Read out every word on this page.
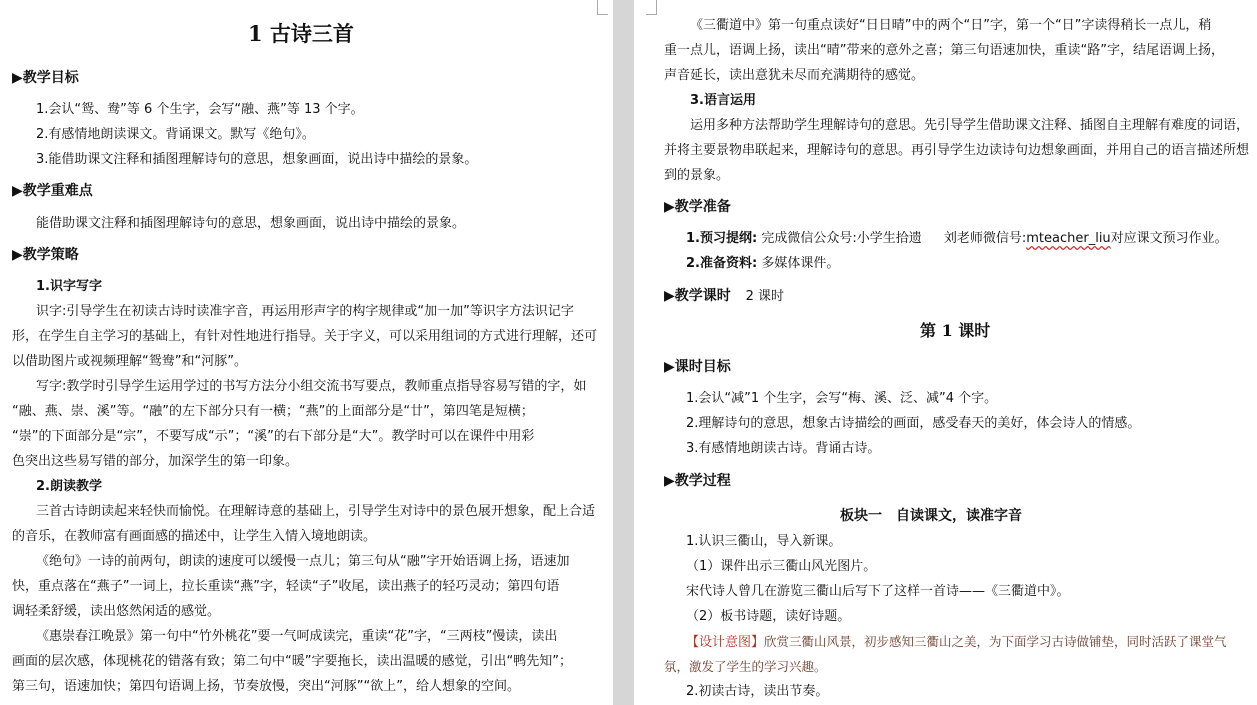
1 古诗三首
▶教学目标
1.会认“鸳、鸯”等 6 个生字，会写“融、燕”等 13 个字。
2.有感情地朗读课文。背诵课文。默写《绝句》。
3.能借助课文注释和插图理解诗句的意思，想象画面，说出诗中描绘的景象。
▶教学重难点
能借助课文注释和插图理解诗句的意思，想象画面，说出诗中描绘的景象。
▶教学策略
1.识字写字
识字:引导学生在初读古诗时读准字音，再运用形声字的构字规律或“加一加”等识字方法识记字
形，在学生自主学习的基础上，有针对性地进行指导。关于字义，可以采用组词的方式进行理解，还可
以借助图片或视频理解“鸳鸯”和“河豚”。
写字:教学时引导学生运用学过的书写方法分小组交流书写要点，教师重点指导容易写错的字，如
“融、燕、崇、溪”等。“融”的左下部分只有一横；“燕”的上面部分是“廿”，第四笔是短横；
“崇”的下面部分是“宗”，不要写成“示”；“溪”的右下部分是“大”。教学时可以在课件中用彩
色突出这些易写错的部分，加深学生的第一印象。
2.朗读教学
三首古诗朗读起来轻快而愉悦。在理解诗意的基础上，引导学生对诗中的景色展开想象，配上合适
的音乐，在教师富有画面感的描述中，让学生入情入境地朗读。
《绝句》一诗的前两句，朗读的速度可以缓慢一点儿；第三句从“融”字开始语调上扬，语速加
快，重点落在“燕子”一词上，拉长重读“燕”字，轻读“子”收尾，读出燕子的轻巧灵动；第四句语
调轻柔舒缓，读出悠然闲适的感觉。
《惠崇春江晚景》第一句中“竹外桃花”要一气呵成读完，重读“花”字，“三两枝”慢读，读出
画面的层次感，体现桃花的错落有致；第二句中“暖”字要拖长，读出温暖的感觉，引出“鸭先知”；
第三句，语速加快；第四句语调上扬，节奏放慢，突出“河豚”“欲上”，给人想象的空间。
《三衢道中》第一句重点读好“日日晴”中的两个“日”字，第一个“日”字读得稍长一点儿，稍
重一点儿，语调上扬，读出“晴”带来的意外之喜；第三句语速加快，重读“路”字，结尾语调上扬，
声音延长，读出意犹未尽而充满期待的感觉。
3.语言运用
运用多种方法帮助学生理解诗句的意思。先引导学生借助课文注释、插图自主理解有难度的词语，
并将主要景物串联起来，理解诗句的意思。再引导学生边读诗句边想象画面，并用自己的语言描述所想
到的景象。
▶教学准备
1.预习提纲: 完成微信公众号:小学生拾遗 刘老师微信号:mteacher_liu对应课文预习作业。
2.准备资料: 多媒体课件。
▶教学课时 2 课时
第 1 课时
▶课时目标
1.会认“减”1 个生字，会写“梅、溪、泛、减”4 个字。
2.理解诗句的意思，想象古诗描绘的画面，感受春天的美好，体会诗人的情感。
3.有感情地朗读古诗。背诵古诗。
▶教学过程
板块一　自读课文，读准字音
1.认识三衢山，导入新课。
（1）课件出示三衢山风光图片。
宋代诗人曾几在游览三衢山后写下了这样一首诗——《三衢道中》。
（2）板书诗题，读好诗题。
【设计意图】欣赏三衢山风景，初步感知三衢山之美，为下面学习古诗做铺垫，同时活跃了课堂气
氛，激发了学生的学习兴趣。
2.初读古诗，读出节奏。
